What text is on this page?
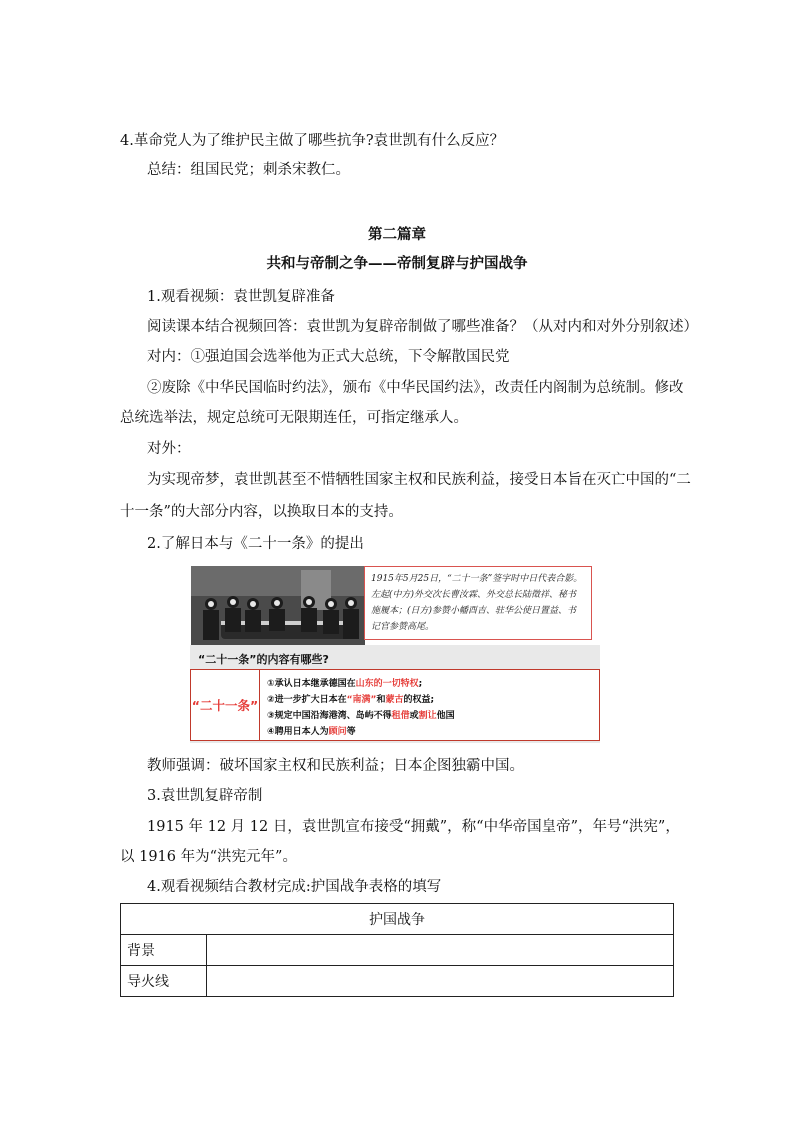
4.革命党人为了维护民主做了哪些抗争?袁世凯有什么反应？
总结：组国民党；刺杀宋教仁。
第二篇章
共和与帝制之争——帝制复辟与护国战争
1.观看视频：袁世凯复辟准备
阅读课本结合视频回答：袁世凯为复辟帝制做了哪些准备？（从对内和对外分别叙述）
对内：①强迫国会选举他为正式大总统，下令解散国民党
②废除《中华民国临时约法》，颁布《中华民国约法》，改责任内阁制为总统制。修改
总统选举法，规定总统可无限期连任，可指定继承人。
对外：
为实现帝梦，袁世凯甚至不惜牺牲国家主权和民族利益，接受日本旨在灭亡中国的“二
十一条”的大部分内容，以换取日本的支持。
2.了解日本与《二十一条》的提出
1915年5月25日，“二十一条”签字时中日代表合影。左起(中方)外交次长曹汝霖、外交总长陆徵祥、秘书施履本；(日方)参赞小幡酉吉、驻华公使日置益、书记官参赞高尾。
“二十一条”的内容有哪些?
“二十一条”
①承认日本继承德国在山东的一切特权;
②进一步扩大日本在“南满”和蒙古的权益;
③规定中国沿海港湾、岛屿不得租借或割让他国
④聘用日本人为顾问等
教师强调：破坏国家主权和民族利益；日本企图独霸中国。
3.袁世凯复辟帝制
1915 年 12 月 12 日，袁世凯宣布接受“拥戴”，称“中华帝国皇帝”，年号“洪宪”，
以 1916 年为“洪宪元年”。
4.观看视频结合教材完成:护国战争表格的填写
护国战争	
背景	
导火线	
